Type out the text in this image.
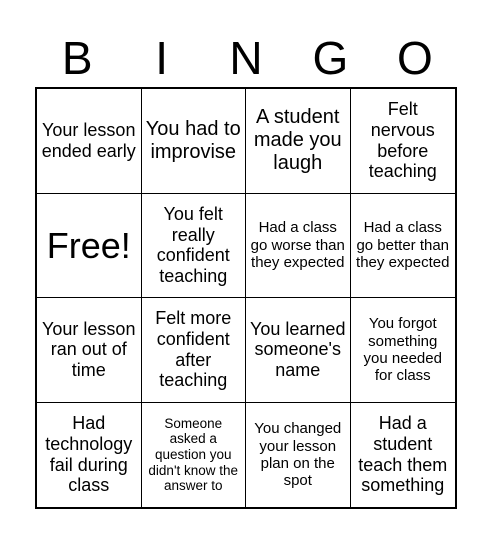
B	I	N	G	O
Your lesson ended early
You had to improvise
A student made you laugh
Felt nervous before teaching
Free!
You felt really confident teaching
Had a class go worse than they expected
Had a class go better than they expected
Your lesson ran out of time
Felt more confident after teaching
You learned someone's name
You forgot something you needed for class
Had technology fail during class
Someone asked a question you didn't know the answer to
You changed your lesson plan on the spot
Had a student teach them something
